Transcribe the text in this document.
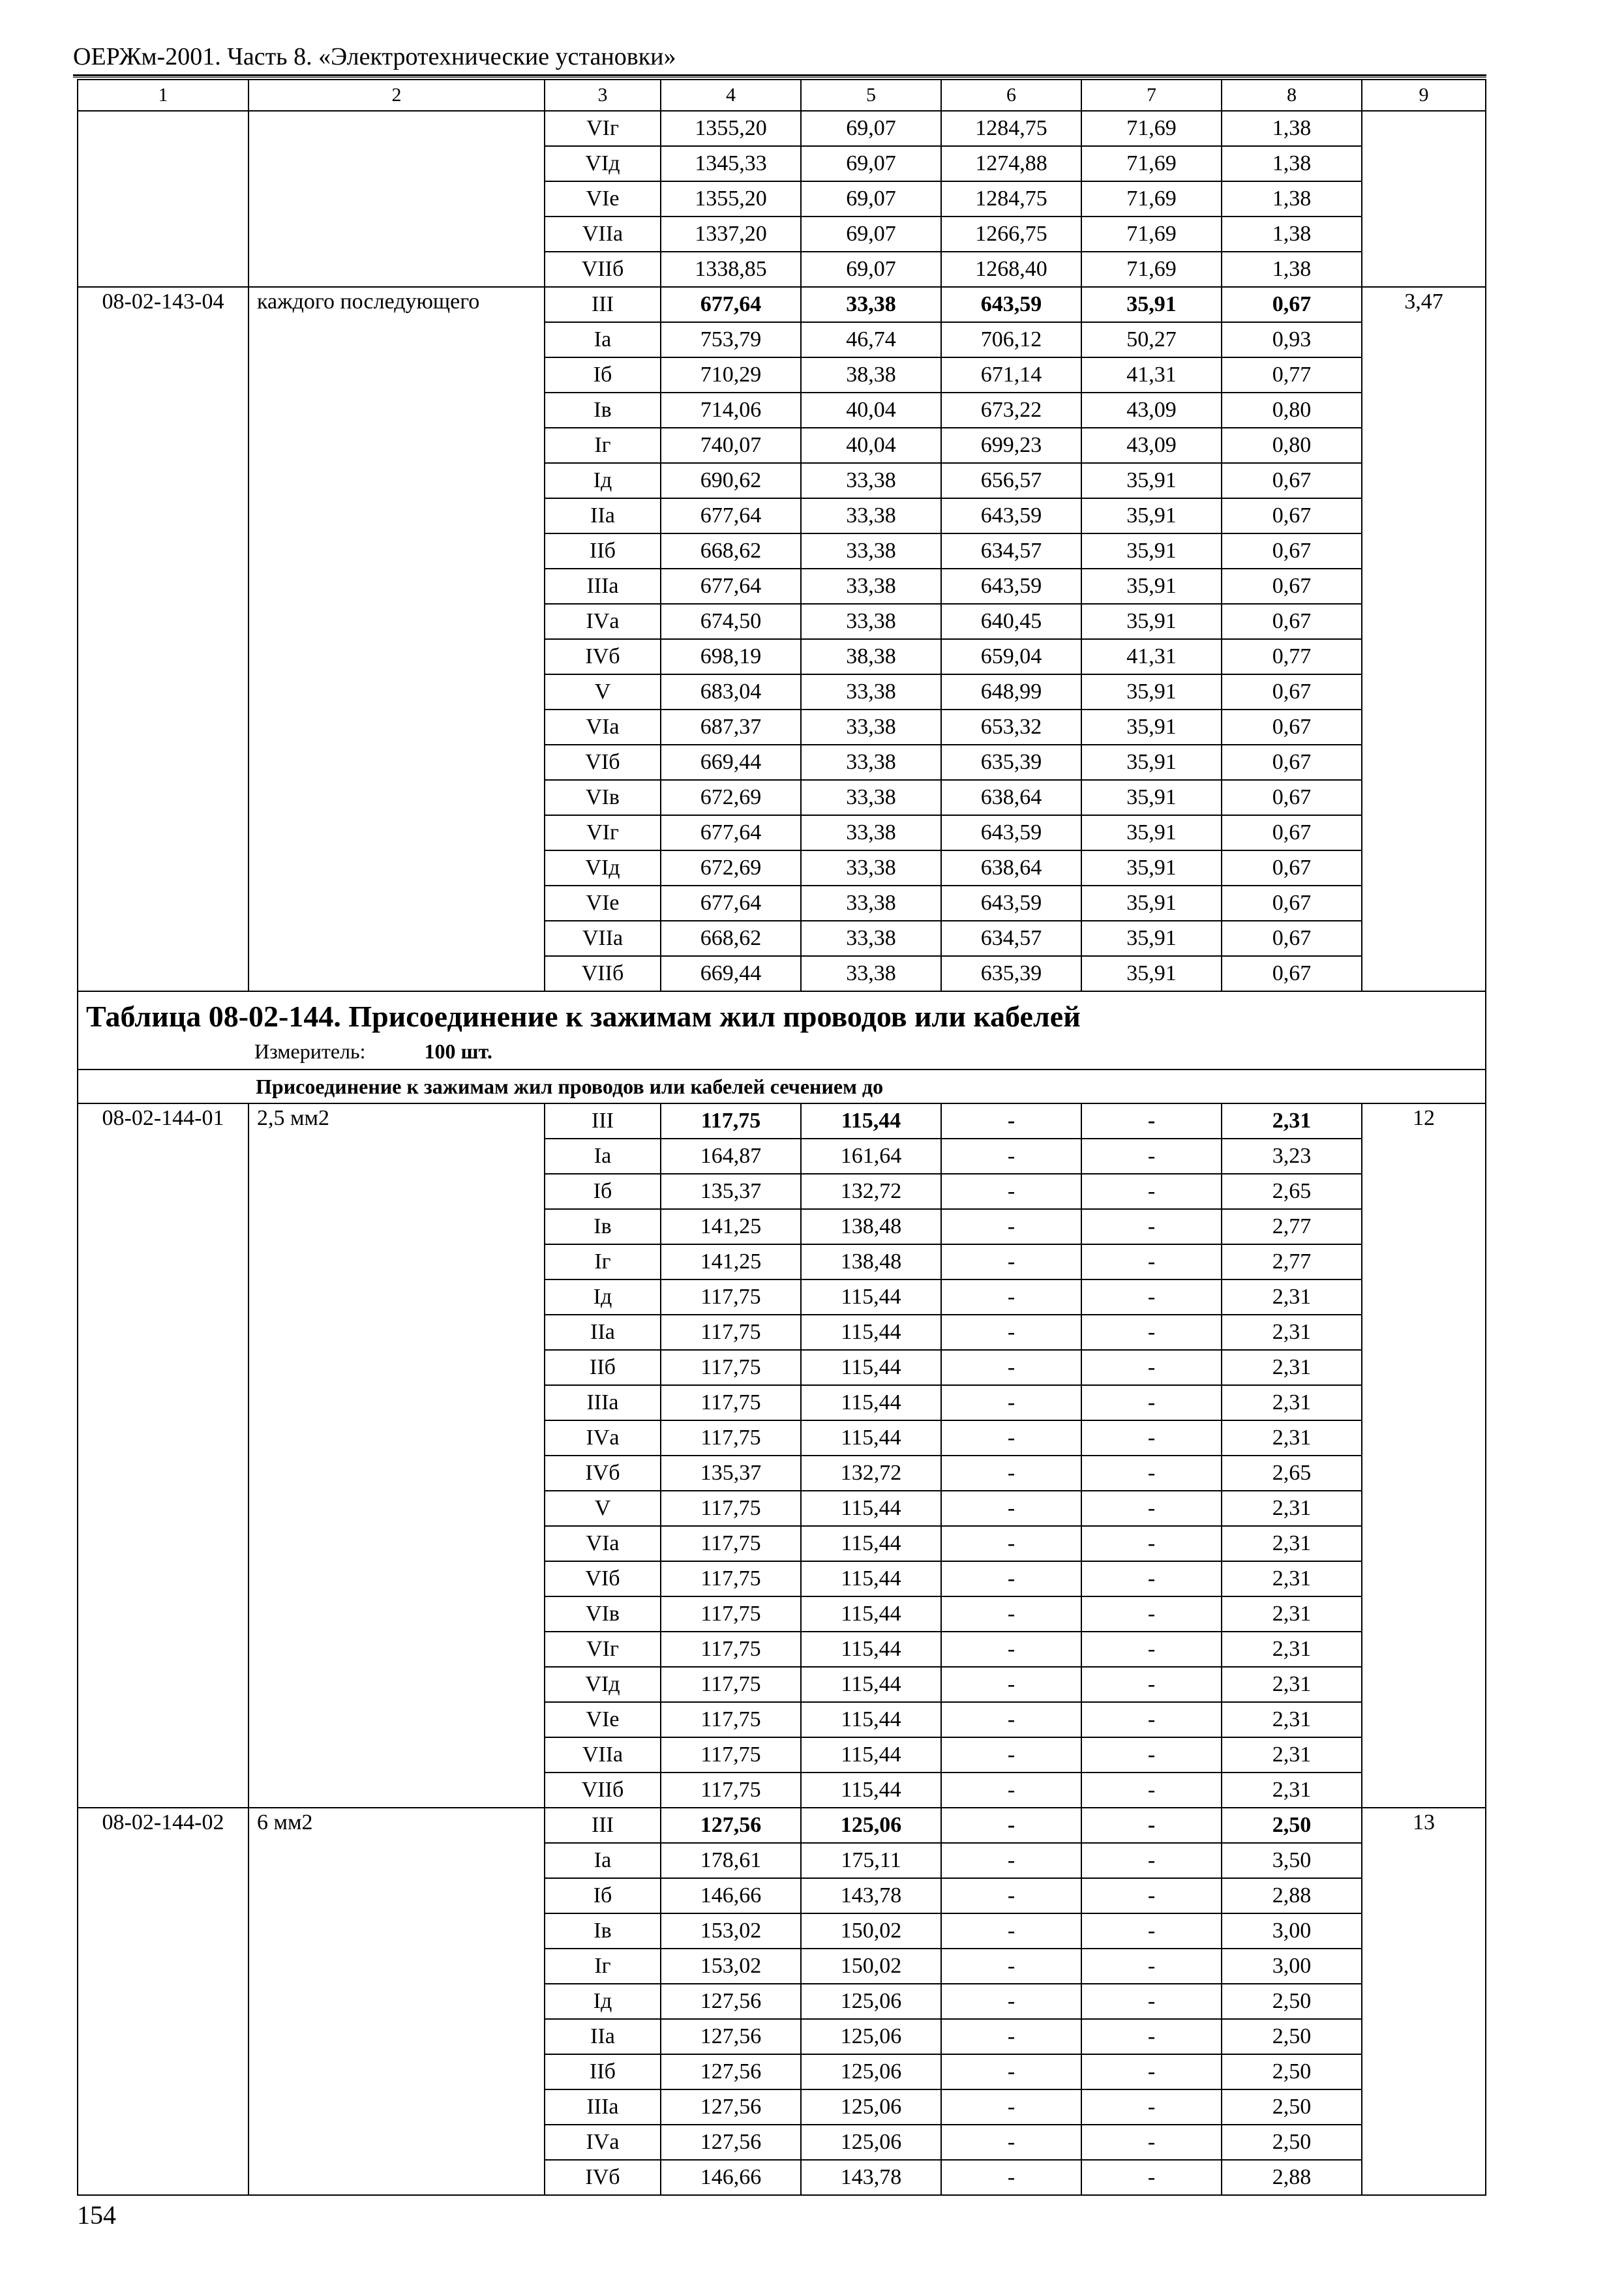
ОЕРЖм-2001. Часть 8. «Электротехнические установки»
1	2	3	4	5	6	7	8	9
		VIг	1355,20	69,07	1284,75	71,69	1,38	
		VIд	1345,33	69,07	1274,88	71,69	1,38	
		VIе	1355,20	69,07	1284,75	71,69	1,38	
		VIIа	1337,20	69,07	1266,75	71,69	1,38	
		VIIб	1338,85	69,07	1268,40	71,69	1,38	
08-02-143-04	каждого последующего	III	677,64	33,38	643,59	35,91	0,67	3,47
		Iа	753,79	46,74	706,12	50,27	0,93	
		Iб	710,29	38,38	671,14	41,31	0,77	
		Iв	714,06	40,04	673,22	43,09	0,80	
		Iг	740,07	40,04	699,23	43,09	0,80	
		Iд	690,62	33,38	656,57	35,91	0,67	
		IIа	677,64	33,38	643,59	35,91	0,67	
		IIб	668,62	33,38	634,57	35,91	0,67	
		IIIа	677,64	33,38	643,59	35,91	0,67	
		IVа	674,50	33,38	640,45	35,91	0,67	
		IVб	698,19	38,38	659,04	41,31	0,77	
		V	683,04	33,38	648,99	35,91	0,67	
		VIа	687,37	33,38	653,32	35,91	0,67	
		VIб	669,44	33,38	635,39	35,91	0,67	
		VIв	672,69	33,38	638,64	35,91	0,67	
		VIг	677,64	33,38	643,59	35,91	0,67	
		VIд	672,69	33,38	638,64	35,91	0,67	
		VIе	677,64	33,38	643,59	35,91	0,67	
		VIIа	668,62	33,38	634,57	35,91	0,67	
		VIIб	669,44	33,38	635,39	35,91	0,67	

Таблица 08-02-144. Присоединение к зажимам жил проводов или кабелей
Измеритель: 100 шт.								

Присоединение к зажимам жил проводов или кабелей сечением до								
08-02-144-01	2,5 мм2	III	117,75	115,44	-	-	2,31	12
		Iа	164,87	161,64	-	-	3,23	
		Iб	135,37	132,72	-	-	2,65	
		Iв	141,25	138,48	-	-	2,77	
		Iг	141,25	138,48	-	-	2,77	
		Iд	117,75	115,44	-	-	2,31	
		IIа	117,75	115,44	-	-	2,31	
		IIб	117,75	115,44	-	-	2,31	
		IIIа	117,75	115,44	-	-	2,31	
		IVа	117,75	115,44	-	-	2,31	
		IVб	135,37	132,72	-	-	2,65	
		V	117,75	115,44	-	-	2,31	
		VIа	117,75	115,44	-	-	2,31	
		VIб	117,75	115,44	-	-	2,31	
		VIв	117,75	115,44	-	-	2,31	
		VIг	117,75	115,44	-	-	2,31	
		VIд	117,75	115,44	-	-	2,31	
		VIе	117,75	115,44	-	-	2,31	
		VIIа	117,75	115,44	-	-	2,31	
		VIIб	117,75	115,44	-	-	2,31	
08-02-144-02	6 мм2	III	127,56	125,06	-	-	2,50	13
		Iа	178,61	175,11	-	-	3,50	
		Iб	146,66	143,78	-	-	2,88	
		Iв	153,02	150,02	-	-	3,00	
		Iг	153,02	150,02	-	-	3,00	
		Iд	127,56	125,06	-	-	2,50	
		IIа	127,56	125,06	-	-	2,50	
		IIб	127,56	125,06	-	-	2,50	
		IIIа	127,56	125,06	-	-	2,50	
		IVа	127,56	125,06	-	-	2,50	
		IVб	146,66	143,78	-	-	2,88	
154
